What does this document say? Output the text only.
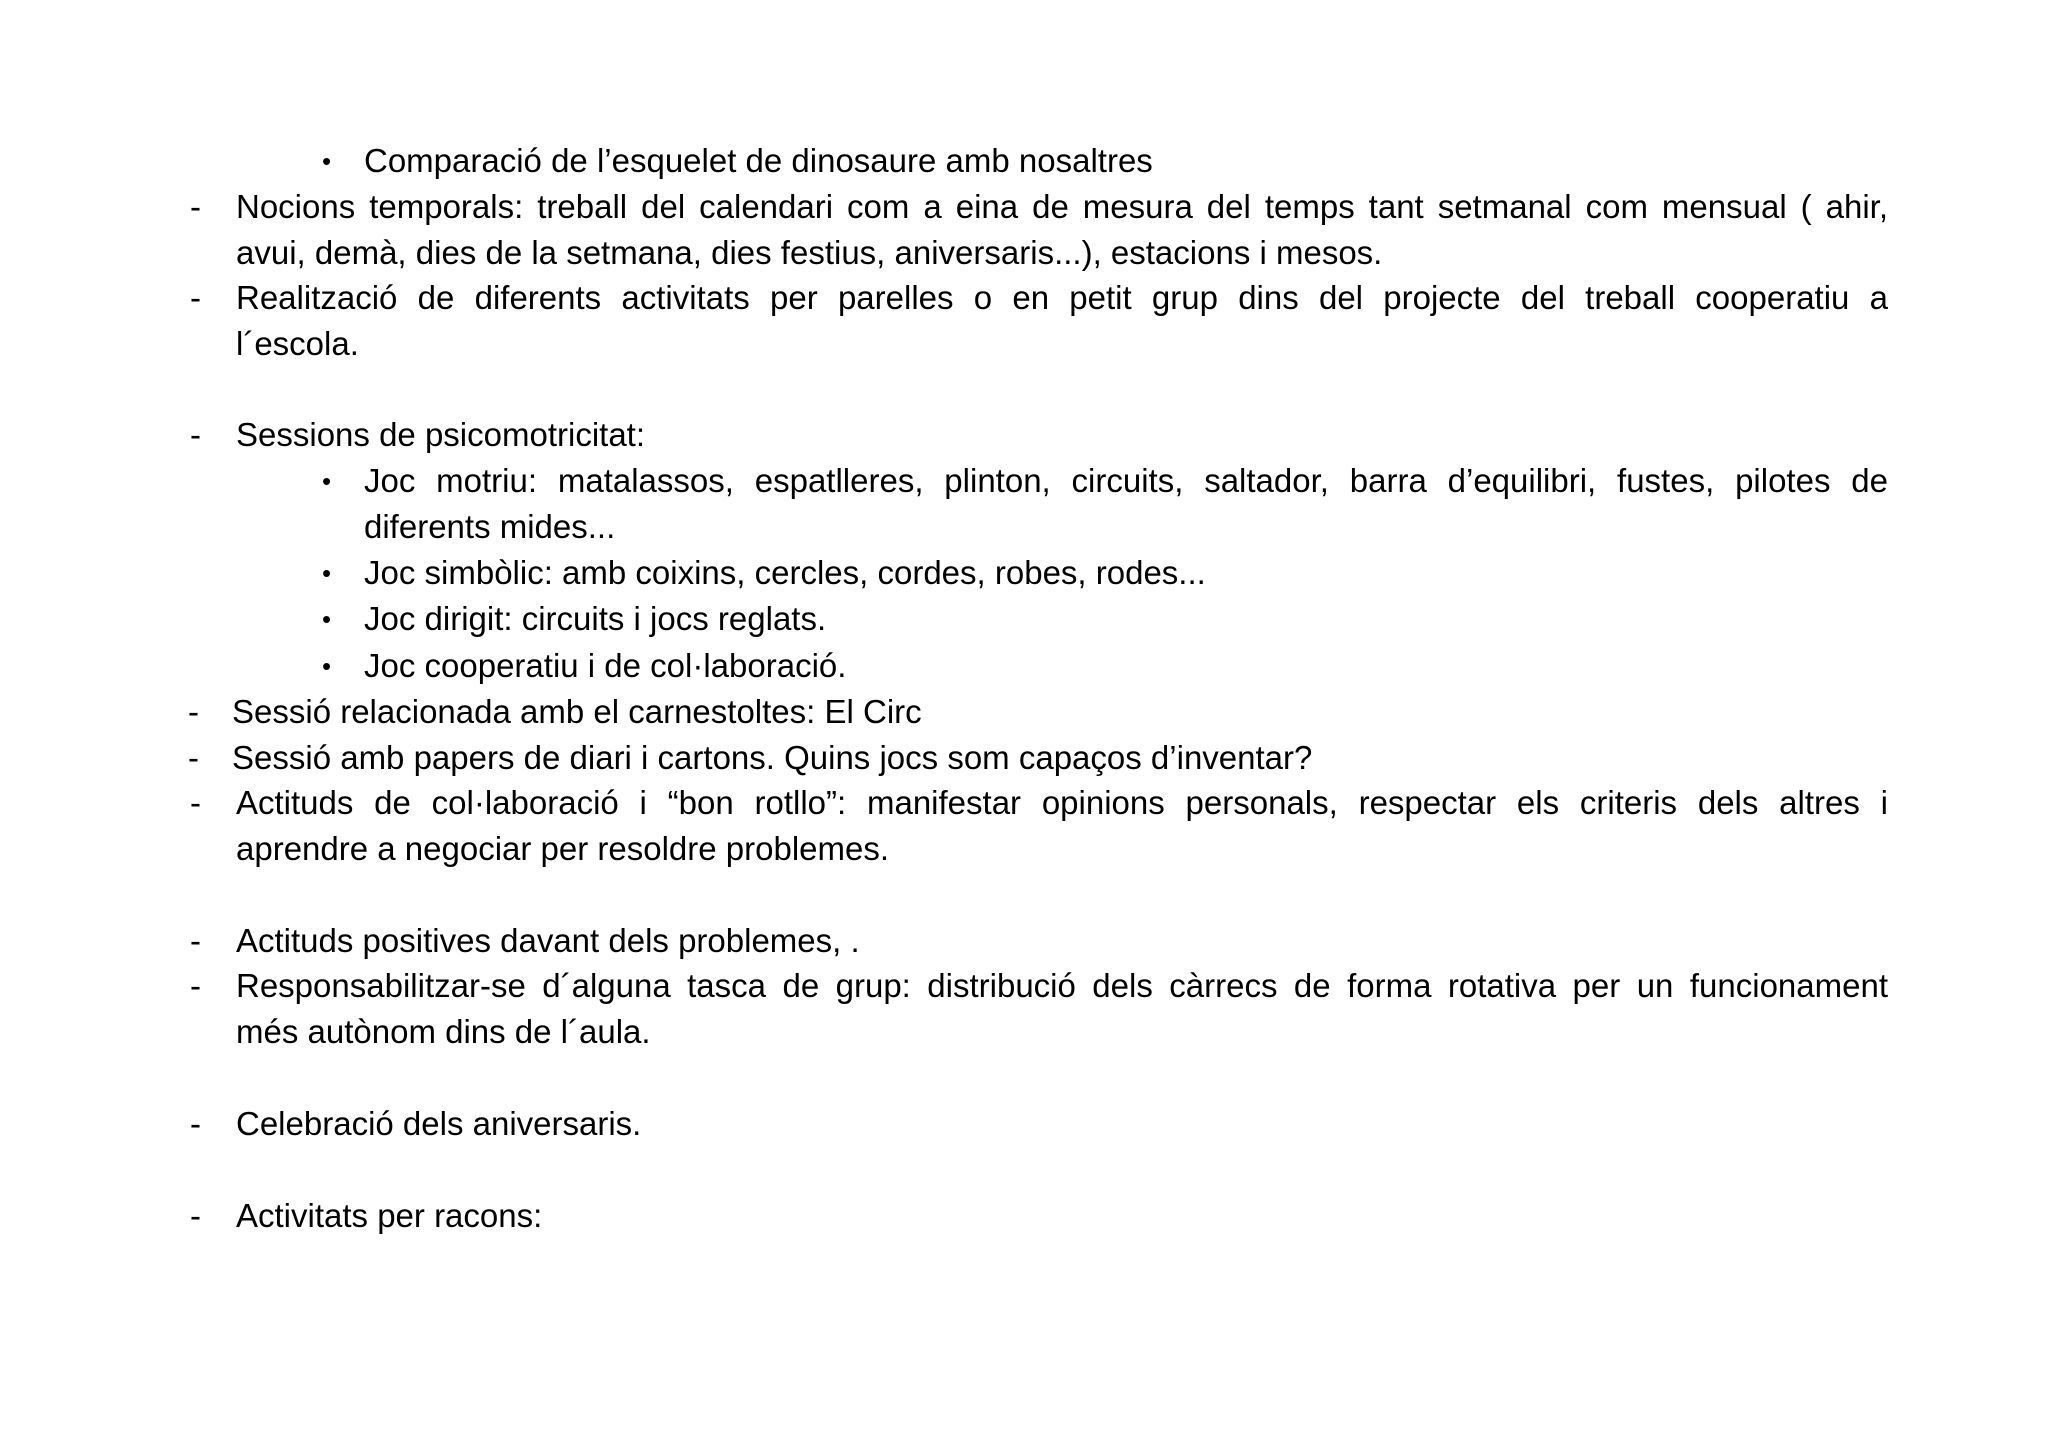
• Comparació de l’esquelet de dinosaure amb nosaltres
- Nocions temporals: treball del calendari com a eina de mesura del temps tant setmanal com mensual ( ahir,
avui, demà, dies de la setmana, dies festius, aniversaris...), estacions i mesos.
- Realització de diferents activitats per parelles o en petit grup dins del projecte del treball cooperatiu a
l´escola.
- Sessions de psicomotricitat:
• Joc motriu: matalassos, espatlleres, plinton, circuits, saltador, barra d’equilibri, fustes, pilotes de
diferents mides...
• Joc simbòlic: amb coixins, cercles, cordes, robes, rodes...
• Joc dirigit: circuits i jocs reglats.
• Joc cooperatiu i de col·laboració.
- Sessió relacionada amb el carnestoltes: El Circ
- Sessió amb papers de diari i cartons. Quins jocs som capaços d’inventar?
- Actituds de col·laboració i “bon rotllo”: manifestar opinions personals, respectar els criteris dels altres i
aprendre a negociar per resoldre problemes.
- Actituds positives davant dels problemes, .
- Responsabilitzar-se d´alguna tasca de grup: distribució dels càrrecs de forma rotativa per un funcionament
més autònom dins de l´aula.
- Celebració dels aniversaris.
- Activitats per racons:
